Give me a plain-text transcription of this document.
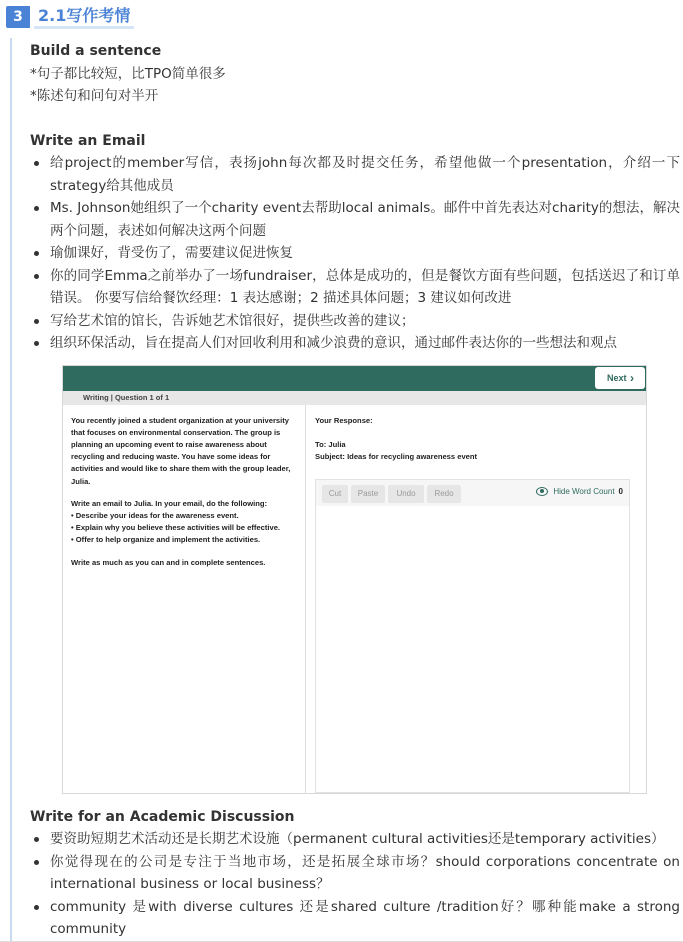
3 2.1写作考情

Build a sentence

*句子都比较短，比TPO简单很多

*陈述句和问句对半开

Write an Email

给project的member写信，表扬john每次都及时提交任务，希望他做一个presentation，介绍一下strategy给其他成员
Ms. Johnson她组织了一个charity event去帮助local animals。邮件中首先表达对charity的想法，解决两个问题，表述如何解决这两个问题
瑜伽课好，背受伤了，需要建议促进恢复
你的同学Emma之前举办了一场fundraiser，总体是成功的，但是餐饮方面有些问题，包括送迟了和订单错误。 你要写信给餐饮经理：1 表达感谢；2 描述具体问题；3 建议如何改进
写给艺术馆的馆长，告诉她艺术馆很好，提供些改善的建议；
组织环保活动，旨在提高人们对回收利用和减少浪费的意识，通过邮件表达你的一些想法和观点
Next ›
Writing | Question 1 of 1

You recently joined a student organization at your university that focuses on environmental conservation. The group is planning an upcoming event to raise awareness about recycling and reducing waste. You have some ideas for activities and would like to share them with the group leader, Julia.

Write an email to Julia. In your email, do the following:
• Describe your ideas for the awareness event.
• Explain why you believe these activities will be effective.
• Offer to help organize and implement the activities.

Write as much as you can and in complete sentences.

Your Response:

To: Julia
Subject: Ideas for recycling awareness event
Cut	Paste	Undo	Redo	Hide Word Count 0

Write for an Academic Discussion

要资助短期艺术活动还是长期艺术设施（permanent cultural activities还是temporary activities）
你觉得现在的公司是专注于当地市场，还是拓展全球市场？should corporations concentrate on international business or local business？
community 是with diverse cultures 还是shared culture /tradition好？哪种能make a strong community
